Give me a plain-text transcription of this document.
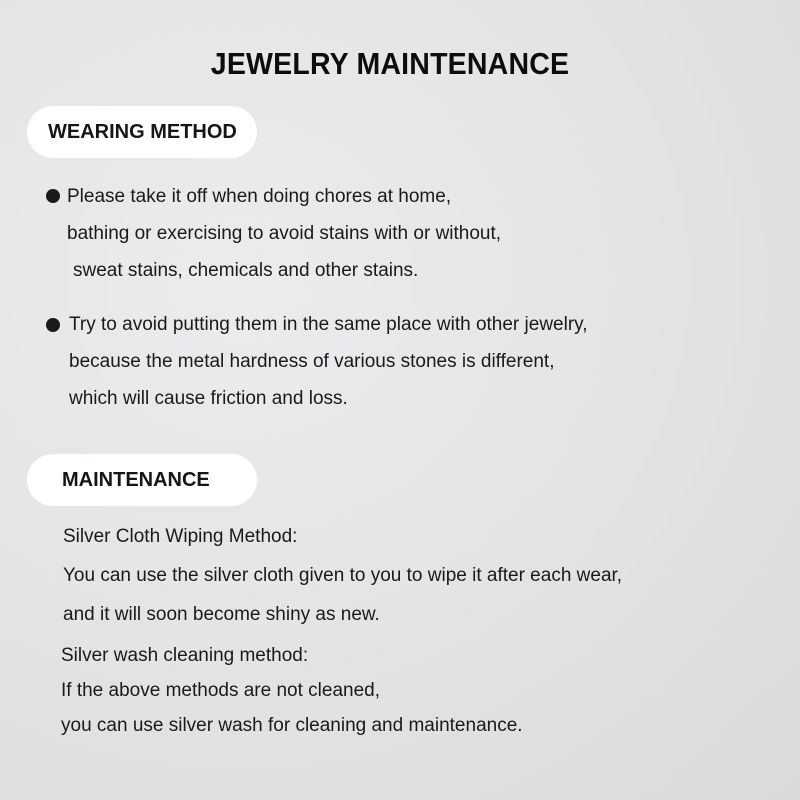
JEWELRY MAINTENANCE
WEARING METHOD
Please take it off when doing chores at home,
bathing or exercising to avoid stains with or without,
sweat stains, chemicals and other stains.
Try to avoid putting them in the same place with other jewelry,
because the metal hardness of various stones is different,
which will cause friction and loss.
MAINTENANCE
Silver Cloth Wiping Method:
You can use the silver cloth given to you to wipe it after each wear,
and it will soon become shiny as new.
Silver wash cleaning method:
If the above methods are not cleaned,
you can use silver wash for cleaning and maintenance.
